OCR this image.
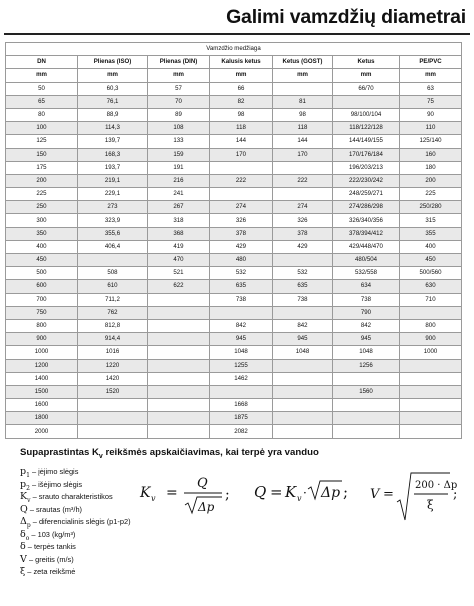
Galimi vamzdžių diametrai
Vamzdžio medžiaga						
DN	Plienas (ISO)	Plienas (DIN)	Kalusis ketus	Ketus (GOST)	Ketus	PE/PVC
mm	mm	mm	mm	mm	mm	mm
50	60,3	57	66		66/70	63
65	76,1	70	82	81		75
80	88,9	89	98	98	98/100/104	90
100	114,3	108	118	118	118/122/128	110
125	139,7	133	144	144	144/149/155	125/140
150	168,3	159	170	170	170/176/184	160
175	193,7	191			196/203/213	180
200	219,1	216	222	222	222/230/242	200
225	229,1	241			248/259/271	225
250	273	267	274	274	274/286/298	250/280
300	323,9	318	326	326	326/340/356	315
350	355,6	368	378	378	378/394/412	355
400	406,4	419	429	429	429/448/470	400
450		470	480		480/504	450
500	508	521	532	532	532/558	500/560
600	610	622	635	635	634	630
700	711,2		738	738	738	710
750	762				790	
800	812,8		842	842	842	800
900	914,4		945	945	945	900
1000	1016		1048	1048	1048	1000
1200	1220		1255		1256	
1400	1420		1462			
1500	1520				1560	
1600			1668			
1800			1875			
2000			2082			
Supaprastintas $K_v$ reikšmės apskaičiavimas, kai terpė yra vanduo
$p_1$ – įėjimo slėgis
$p_2$ – išėjimo slėgis
$K_v$ – srauto charakteristikos
Q – srautas (m³/h)
$\Delta_p$ – diferencialinis slėgis (p1-p2)
$\delta_o - 103$ (kg/m³)
δ – terpės tankis
V – greitis (m/s)
ξ – zeta reikšmė
K v =
Q
Δp
; Q = K v · Δp ; V =
200 · Δp
ξ
;
